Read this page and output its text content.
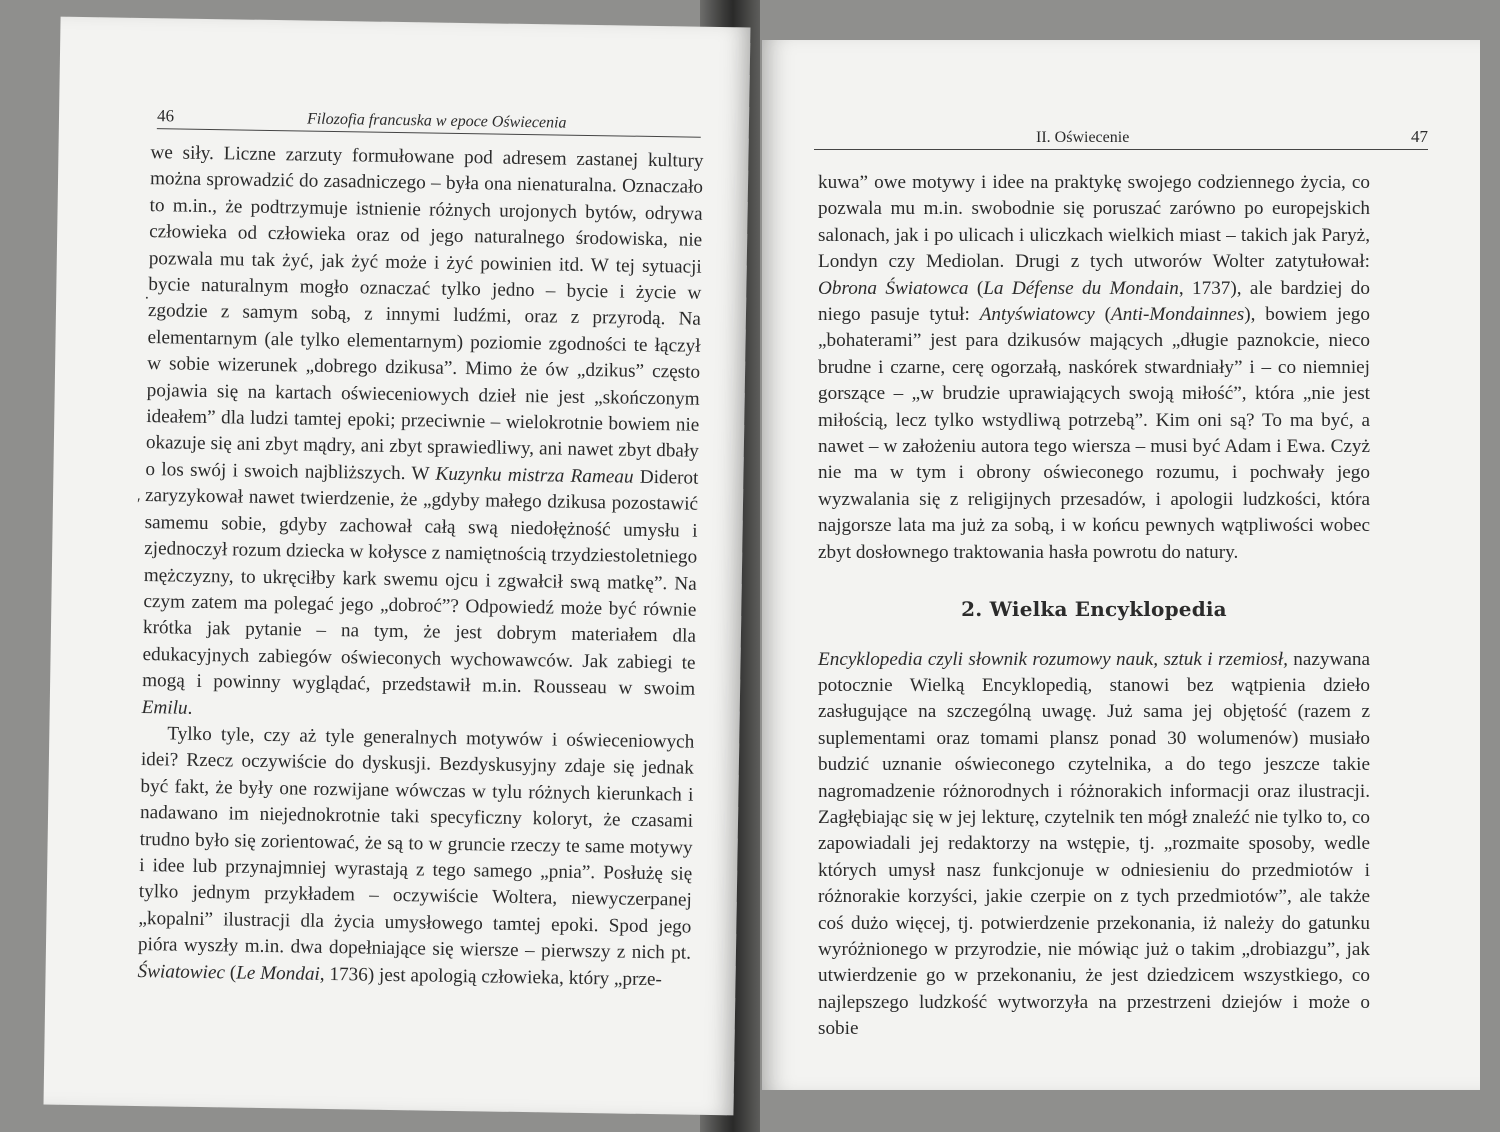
46	Filozofia francuska w epoce Oświecenia
·
′

we siły. Liczne zarzuty formułowane pod adresem zastanej kultury można sprowadzić do zasadniczego – była ona nienaturalna. Oznaczało to m.in., że podtrzymuje istnienie różnych urojonych bytów, odrywa człowieka od człowieka oraz od jego naturalnego środowiska, nie pozwala mu tak żyć, jak żyć może i żyć powinien itd. W tej sytuacji bycie naturalnym mogło oznaczać tylko jedno – bycie i życie w zgodzie z samym sobą, z innymi ludźmi, oraz z przyrodą. Na elementarnym (ale tylko elementarnym) poziomie zgodności te łączył w sobie wizerunek „dobrego dzikusa”. Mimo że ów „dzikus” często pojawia się na kartach oświeceniowych dzieł nie jest „skończonym ideałem” dla ludzi tamtej epoki; przeciwnie – wielokrotnie bowiem nie okazuje się ani zbyt mądry, ani zbyt sprawiedliwy, ani nawet zbyt dbały o los swój i swoich najbliższych. W Kuzynku mistrza Rameau Diderot zaryzykował nawet twierdzenie, że „gdyby małego dzikusa pozostawić samemu sobie, gdyby zachował całą swą niedołężność umysłu i zjednoczył rozum dziecka w kołysce z namiętnością trzydziestoletniego mężczyzny, to ukręciłby kark swemu ojcu i zgwałcił swą matkę”. Na czym zatem ma polegać jego „dobroć”? Odpowiedź może być równie krótka jak pytanie – na tym, że jest dobrym materiałem dla edukacyjnych zabiegów oświeconych wychowawców. Jak zabiegi te mogą i powinny wyglądać, przedstawił m.in. Rousseau w swoim Emilu.

Tylko tyle, czy aż tyle generalnych motywów i oświeceniowych idei? Rzecz oczywiście do dyskusji. Bezdyskusyjny zdaje się jednak być fakt, że były one rozwijane wówczas w tylu różnych kierunkach i nadawano im niejednokrotnie taki specyficzny koloryt, że czasami trudno było się zorientować, że są to w gruncie rzeczy te same motywy i idee lub przynajmniej wyrastają z tego samego „pnia”. Posłużę się tylko jednym przykładem – oczywiście Woltera, niewyczerpanej „kopalni” ilustracji dla życia umysłowego tamtej epoki. Spod jego pióra wyszły m.in. dwa dopełniające się wiersze – pierwszy z nich pt. Światowiec (Le Mondai, 1736) jest apologią człowieka, który „prze-

II. Oświecenie	47

kuwa” owe motywy i idee na praktykę swojego codziennego życia, co pozwala mu m.in. swobodnie się poruszać zarówno po europejskich salonach, jak i po ulicach i uliczkach wielkich miast – takich jak Paryż, Londyn czy Mediolan. Drugi z tych utworów Wolter zatytułował: Obrona Światowca (La Défense du Mondain, 1737), ale bardziej do niego pasuje tytuł: Antyświatowcy (Anti-Mondainnes), bowiem jego „bohaterami” jest para dzikusów mających „długie paznokcie, nieco brudne i czarne, cerę ogorzałą, naskórek stwardniały” i – co niemniej gorszące – „w brudzie uprawiających swoją miłość”, która „nie jest miłością, lecz tylko wstydliwą potrzebą”. Kim oni są? To ma być, a nawet – w założeniu autora tego wiersza – musi być Adam i Ewa. Czyż nie ma w tym i obrony oświeconego rozumu, i pochwały jego wyzwalania się z religijnych przesadów, i apologii ludzkości, która najgorsze lata ma już za sobą, i w końcu pewnych wątpliwości wobec zbyt dosłownego traktowania hasła powrotu do natury.

2. Wielka Encyklopedia

Encyklopedia czyli słownik rozumowy nauk, sztuk i rzemiosł, nazywana potocznie Wielką Encyklopedią, stanowi bez wątpienia dzieło zasługujące na szczególną uwagę. Już sama jej objętość (razem z suplementami oraz tomami plansz ponad 30 wolumenów) musiało budzić uznanie oświeconego czytelnika, a do tego jeszcze takie nagromadzenie różnorodnych i różnorakich informacji oraz ilustracji. Zagłębiając się w jej lekturę, czytelnik ten mógł znaleźć nie tylko to, co zapowiadali jej redaktorzy na wstępie, tj. „rozmaite sposoby, wedle których umysł nasz funkcjonuje w odniesieniu do przedmiotów i różnorakie korzyści, jakie czerpie on z tych przedmiotów”, ale także coś dużo więcej, tj. potwierdzenie przekonania, iż należy do gatunku wyróżnionego w przyrodzie, nie mówiąc już o takim „drobiazgu”, jak utwierdzenie go w przekonaniu, że jest dziedzicem wszystkiego, co najlepszego ludzkość wytworzyła na przestrzeni dziejów i może o sobie
